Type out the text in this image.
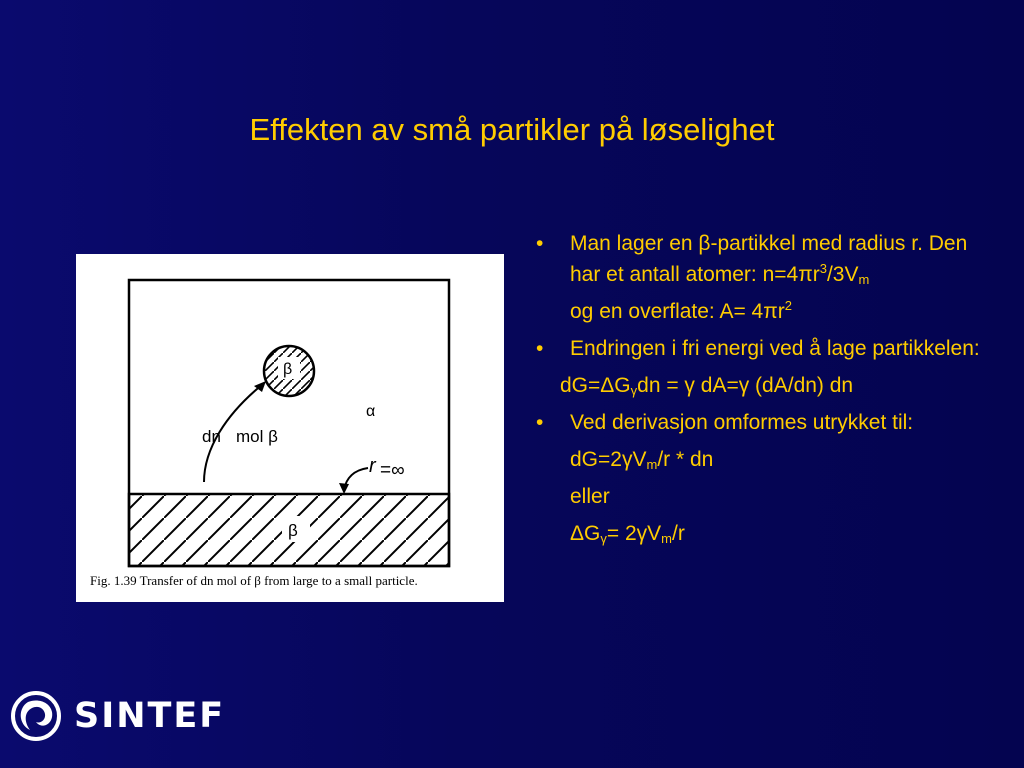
Effekten av små partikler på løselighet
β
β
α
dn mol β
r =∞
Fig. 1.39 Transfer of dn mol of β from large to a small particle.
• Man lager en β-partikkel med radius r. Den har et antall atomer: $n=4\pi r^3/3V_m$
og en overflate: $A= 4\pi r^2$
• Endringen i fri energi ved å lage partikkelen:
$dG=\Delta G_\gamma dn = \gamma$ dA=γ (dA/dn) dn
• Ved derivasjon omformes utrykket til:
$dG=2\gamma V_m/r$ * dn
eller
$\Delta G_\gamma= 2\gamma V_m/r$
SINTEF
